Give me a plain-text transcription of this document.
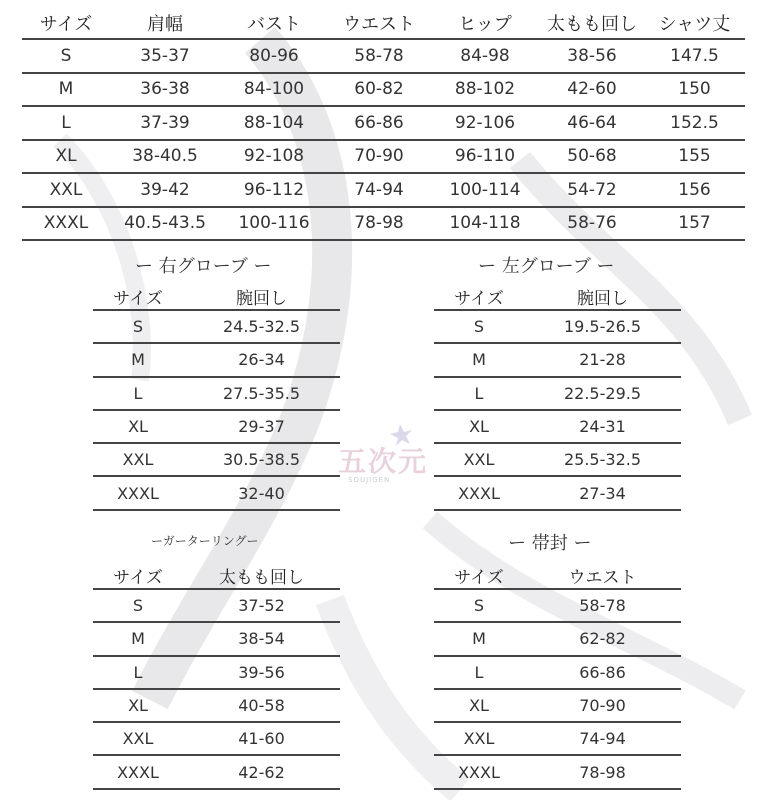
サイズ	肩幅	バスト	ウエスト	ヒップ	太もも回し	シャツ丈
S	35-37	80-96	58-78	84-98	38-56	147.5
M	36-38	84-100	60-82	88-102	42-60	150
L	37-39	88-104	66-86	92-106	46-64	152.5
XL	38-40.5	92-108	70-90	96-110	50-68	155
XXL	39-42	96-112	74-94	100-114	54-72	156
XXXL	40.5-43.5	100-116	78-98	104-118	58-76	157
ー 右グローブ ー
サイズ	腕回し
S	24.5-32.5
M	26-34
L	27.5-35.5
XL	29-37
XXL	30.5-38.5
XXXL	32-40
ー 左グローブ ー
サイズ	腕回し
S	19.5-26.5
M	21-28
L	22.5-29.5
XL	24-31
XXL	25.5-32.5
XXXL	27-34
ーガーターリングー
サイズ	太もも回し
S	37-52
M	38-54
L	39-56
XL	40-58
XXL	41-60
XXXL	42-62
ー 帯封 ー
サイズ	ウエスト
S	58-78
M	62-82
L	66-86
XL	70-90
XXL	74-94
XXXL	78-98
五次元
SOUJIGEN
